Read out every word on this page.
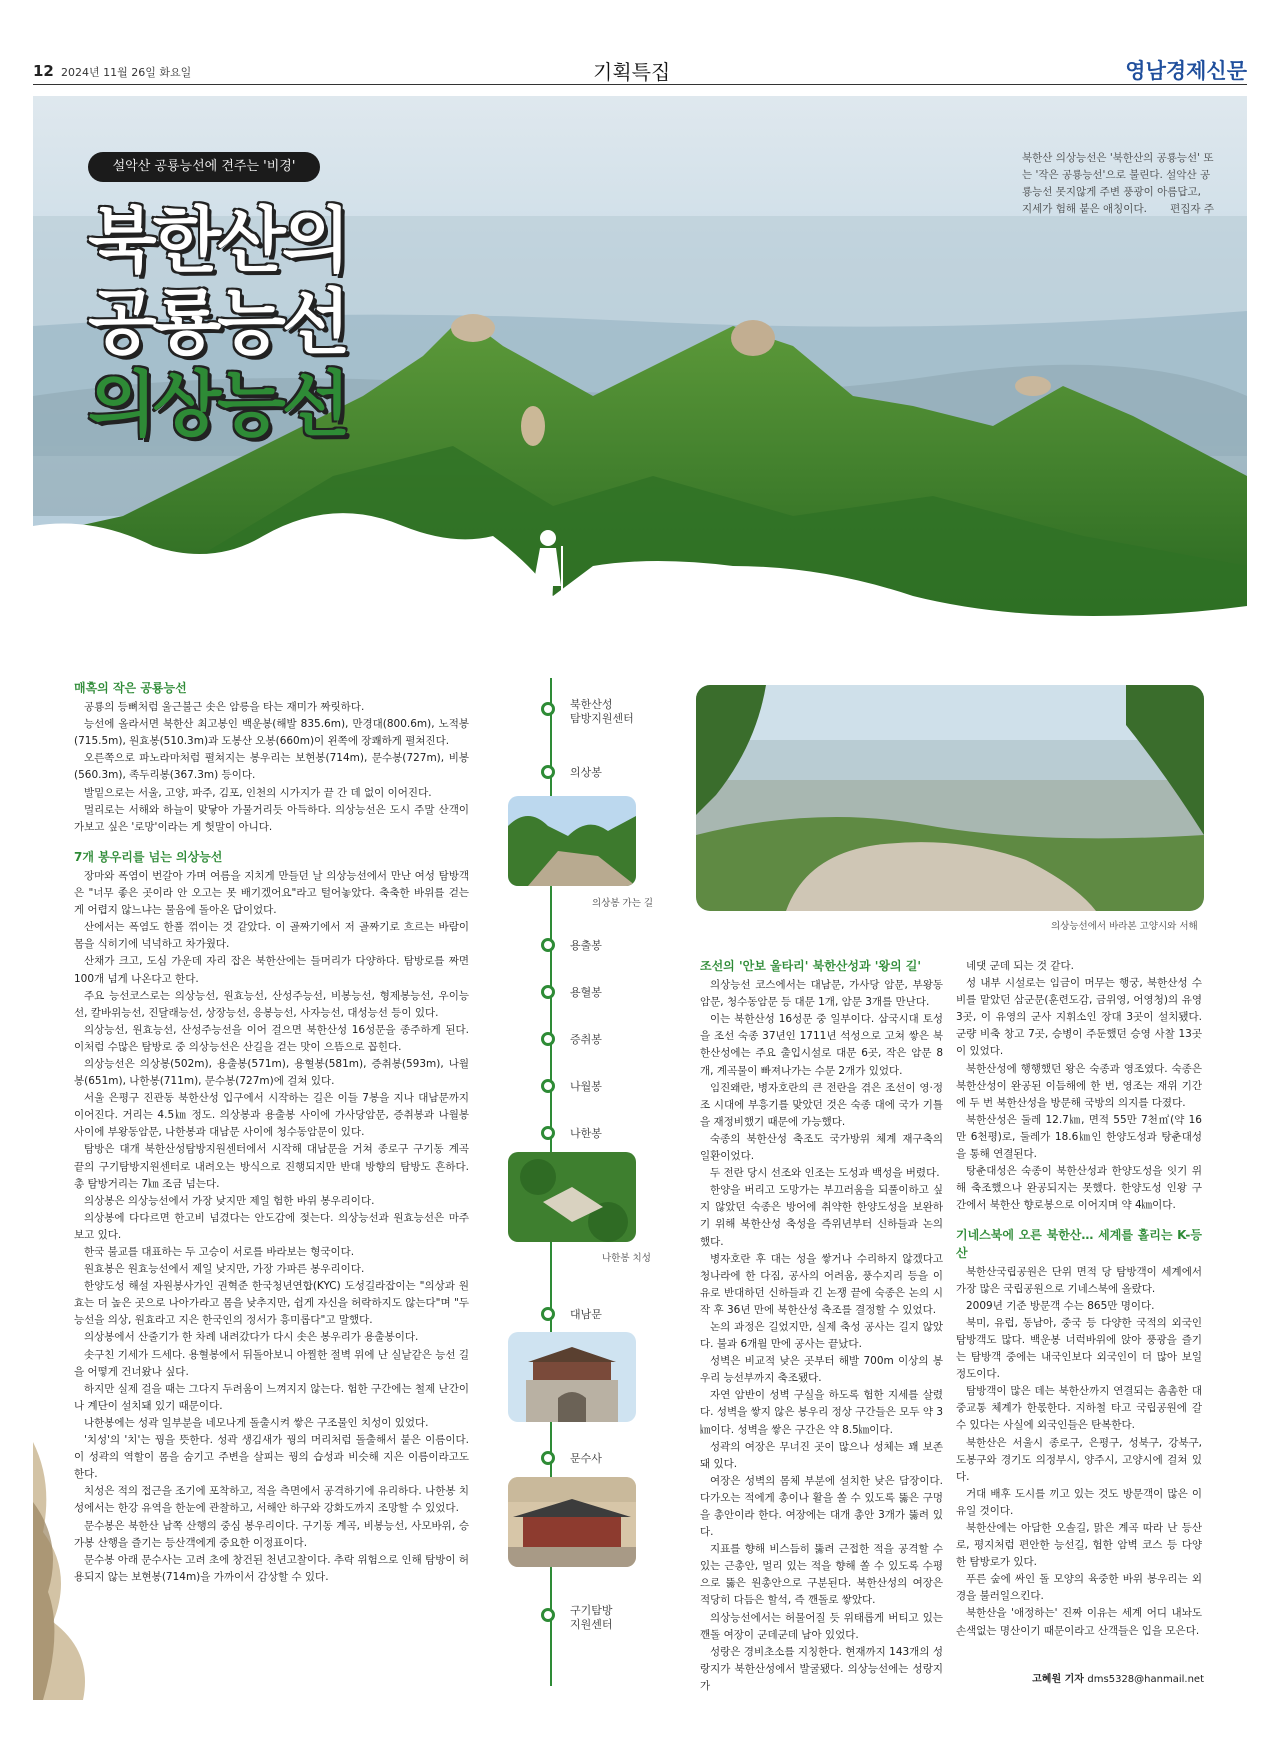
12 2024년 11월 26일 화요일	기획특집	영남경제신문
설악산 공룡능선에 견주는 '비경'
북한산의
공룡능선
의상능선
북한산 의상능선은 '북한산의 공룡능선' 또는 '작은 공룡능선'으로 불린다. 설악산 공룡능선 못지않게 주변 풍광이 아름답고, 지세가 험해 붙은 애칭이다. 편집자 주
매혹의 작은 공룡능선

공룡의 등뼈처럼 울근불근 솟은 암릉을 타는 재미가 짜릿하다.

능선에 올라서면 북한산 최고봉인 백운봉(해발 835.6m), 만경대(800.6m), 노적봉(715.5m), 원효봉(510.3m)과 도봉산 오봉(660m)이 왼쪽에 장쾌하게 펼쳐진다.

오른쪽으로 파노라마처럼 펼쳐지는 봉우리는 보현봉(714m), 문수봉(727m), 비봉(560.3m), 족두리봉(367.3m) 등이다.

발밑으로는 서울, 고양, 파주, 김포, 인천의 시가지가 끝 간 데 없이 이어진다.

멀리로는 서해와 하늘이 맞닿아 가물거리듯 아득하다. 의상능선은 도시 주말 산객이 가보고 싶은 '로망'이라는 게 헛말이 아니다.

7개 봉우리를 넘는 의상능선

장마와 폭염이 번갈아 가며 여름을 지치게 만들던 날 의상능선에서 만난 여성 탐방객은 "너무 좋은 곳이라 안 오고는 못 배기겠어요"라고 털어놓았다. 축축한 바위를 걷는 게 어렵지 않느냐는 물음에 돌아온 답이었다.

산에서는 폭염도 한풀 꺾이는 것 같았다. 이 골짜기에서 저 골짜기로 흐르는 바람이 몸을 식히기에 넉넉하고 차가웠다.

산채가 크고, 도심 가운데 자리 잡은 북한산에는 들머리가 다양하다. 탐방로를 짜면 100개 넘게 나온다고 한다.

주요 능선코스로는 의상능선, 원효능선, 산성주능선, 비봉능선, 형제봉능선, 우이능선, 칼바위능선, 진달래능선, 상장능선, 응봉능선, 사자능선, 대성능선 등이 있다.

의상능선, 원효능선, 산성주능선을 이어 걸으면 북한산성 16성문을 종주하게 된다. 이처럼 수많은 탐방로 중 의상능선은 산길을 걷는 맛이 으뜸으로 꼽힌다.

의상능선은 의상봉(502m), 용출봉(571m), 용혈봉(581m), 증취봉(593m), 나월봉(651m), 나한봉(711m), 문수봉(727m)에 걸쳐 있다.

서울 은평구 진관동 북한산성 입구에서 시작하는 길은 이들 7봉을 지나 대남문까지 이어진다. 거리는 4.5㎞ 정도. 의상봉과 용출봉 사이에 가사당암문, 증취봉과 나월봉 사이에 부왕동암문, 나한봉과 대남문 사이에 청수동암문이 있다.

탐방은 대개 북한산성탐방지원센터에서 시작해 대남문을 거쳐 종로구 구기동 계곡 끝의 구기탐방지원센터로 내려오는 방식으로 진행되지만 반대 방향의 탐방도 흔하다. 총 탐방거리는 7㎞ 조금 넘는다.

의상봉은 의상능선에서 가장 낮지만 제일 험한 바위 봉우리이다.

의상봉에 다다르면 한고비 넘겼다는 안도감에 젖는다. 의상능선과 원효능선은 마주보고 있다.

한국 불교를 대표하는 두 고승이 서로를 바라보는 형국이다.

원효봉은 원효능선에서 제일 낮지만, 가장 가파른 봉우리이다.

한양도성 해설 자원봉사가인 권혁준 한국청년연합(KYC) 도성길라잡이는 "의상과 원효는 더 높은 곳으로 나아가라고 몸을 낮추지만, 쉽게 자신을 허락하지도 않는다"며 "두 능선을 의상, 원효라고 지은 한국인의 정서가 흥미롭다"고 말했다.

의상봉에서 산줄기가 한 차례 내려갔다가 다시 솟은 봉우리가 용출봉이다.

솟구친 기세가 드세다. 용혈봉에서 뒤돌아보니 아찔한 절벽 위에 난 실낱같은 능선 길을 어떻게 건너왔나 싶다.

하지만 실제 걸을 때는 그다지 두려움이 느껴지지 않는다. 험한 구간에는 철제 난간이나 계단이 설치돼 있기 때문이다.

나한봉에는 성곽 일부분을 네모나게 돌출시켜 쌓은 구조물인 치성이 있었다.

'치성'의 '치'는 꿩을 뜻한다. 성곽 생김새가 꿩의 머리처럼 돌출해서 붙은 이름이다. 이 성곽의 역할이 몸을 숨기고 주변을 살피는 꿩의 습성과 비슷해 지은 이름이라고도 한다.

치성은 적의 접근을 조기에 포착하고, 적을 측면에서 공격하기에 유리하다. 나한봉 치성에서는 한강 유역을 한눈에 관찰하고, 서해안 하구와 강화도까지 조망할 수 있었다.

문수봉은 북한산 남쪽 산행의 중심 봉우리이다. 구기동 계곡, 비봉능선, 사모바위, 승가봉 산행을 즐기는 등산객에게 중요한 이정표이다.

문수봉 아래 문수사는 고려 초에 창건된 천년고찰이다. 추락 위험으로 인해 탐방이 허용되지 않는 보현봉(714m)을 가까이서 감상할 수 있다.

북한산성
탐방지원센터
의상봉
용출봉
용혈봉
증취봉
나월봉
나한봉
대남문
문수사
구기탐방
지원센터
의상봉 가는 길
나한봉 치성
의상능선에서 바라본 고양시와 서해
조선의 '안보 울타리' 북한산성과 '왕의 길'

의상능선 코스에서는 대남문, 가사당 암문, 부왕동암문, 청수동암문 등 대문 1개, 암문 3개를 만난다.

이는 북한산성 16성문 중 일부이다. 삼국시대 토성을 조선 숙종 37년인 1711년 석성으로 고쳐 쌓은 북한산성에는 주요 출입시설로 대문 6곳, 작은 암문 8개, 계곡물이 빠져나가는 수문 2개가 있었다.

임진왜란, 병자호란의 큰 전란을 겪은 조선이 영·정조 시대에 부흥기를 맞았던 것은 숙종 대에 국가 기틀을 재정비했기 때문에 가능했다.

숙종의 북한산성 축조도 국가방위 체계 재구축의 일환이었다.

두 전란 당시 선조와 인조는 도성과 백성을 버렸다.

한양을 버리고 도망가는 부끄러움을 되풀이하고 싶지 않았던 숙종은 방어에 취약한 한양도성을 보완하기 위해 북한산성 축성을 즉위년부터 신하들과 논의했다.

병자호란 후 대는 성을 쌓거나 수리하지 않겠다고 청나라에 한 다짐, 공사의 어려움, 풍수지리 등을 이유로 반대하던 신하들과 긴 논쟁 끝에 숙종은 논의 시작 후 36년 만에 북한산성 축조를 결정할 수 있었다.

논의 과정은 길었지만, 실제 축성 공사는 길지 않았다. 불과 6개월 만에 공사는 끝났다.

성벽은 비교적 낮은 곳부터 해발 700m 이상의 봉우리 능선부까지 축조됐다.

자연 암반이 성벽 구실을 하도록 험한 지세를 살렸다. 성벽을 쌓지 않은 봉우리 정상 구간들은 모두 약 3㎞이다. 성벽을 쌓은 구간은 약 8.5㎞이다.

성곽의 여장은 무너진 곳이 많으나 성체는 꽤 보존돼 있다.

여장은 성벽의 몸체 부분에 설치한 낮은 담장이다. 다가오는 적에게 총이나 활을 쏠 수 있도록 뚫은 구멍을 총안이라 한다. 여장에는 대개 총안 3개가 뚫려 있다.

지표를 향해 비스듬히 뚫려 근접한 적을 공격할 수 있는 근총안, 멀리 있는 적을 향해 쏠 수 있도록 수평으로 뚫은 원총안으로 구분된다. 북한산성의 여장은 적당히 다듬은 할석, 즉 깬돌로 쌓았다.

의상능선에서는 허물어질 듯 위태롭게 버티고 있는 깬돌 여장이 군데군데 남아 있었다.

성랑은 경비초소를 지칭한다. 현재까지 143개의 성랑지가 북한산성에서 발굴됐다. 의상능선에는 성랑지가

네댓 군데 되는 것 같다.

성 내부 시설로는 임금이 머무는 행궁, 북한산성 수비를 맡았던 삼군문(훈련도감, 금위영, 어영청)의 유영 3곳, 이 유영의 군사 지휘소인 장대 3곳이 설치됐다. 군량 비축 창고 7곳, 승병이 주둔했던 승영 사찰 13곳이 있었다.

북한산성에 행행했던 왕은 숙종과 영조였다. 숙종은 북한산성이 완공된 이듬해에 한 번, 영조는 재위 기간에 두 번 북한산성을 방문해 국방의 의지를 다졌다.

북한산성은 둘레 12.7㎞, 면적 55만 7천㎡(약 16만 6천평)로, 둘레가 18.6㎞인 한양도성과 탕춘대성을 통해 연결된다.

탕춘대성은 숙종이 북한산성과 한양도성을 잇기 위해 축조했으나 완공되지는 못했다. 한양도성 인왕 구간에서 북한산 향로봉으로 이어지며 약 4㎞이다.

기네스북에 오른 북한산… 세계를 홀리는 K-등산

북한산국립공원은 단위 면적 당 탐방객이 세계에서 가장 많은 국립공원으로 기네스북에 올랐다.

2009년 기준 방문객 수는 865만 명이다.

북미, 유럽, 동남아, 중국 등 다양한 국적의 외국인 탐방객도 많다. 백운봉 너럭바위에 앉아 풍광을 즐기는 탐방객 중에는 내국인보다 외국인이 더 많아 보일 정도이다.

탐방객이 많은 데는 북한산까지 연결되는 촘촘한 대중교통 체계가 한몫한다. 지하철 타고 국립공원에 갈 수 있다는 사실에 외국인들은 탄복한다.

북한산은 서울시 종로구, 은평구, 성북구, 강북구, 도봉구와 경기도 의정부시, 양주시, 고양시에 걸쳐 있다.

거대 배후 도시를 끼고 있는 것도 방문객이 많은 이유일 것이다.

북한산에는 아담한 오솔길, 맑은 계곡 따라 난 등산로, 평지처럼 편안한 능선길, 험한 암벽 코스 등 다양한 탐방로가 있다.

푸른 숲에 싸인 돌 모양의 육중한 바위 봉우리는 외경을 불러일으킨다.

북한산을 '애정하는' 진짜 이유는 세계 어디 내놔도 손색없는 명산이기 때문이라고 산객들은 입을 모은다.

고혜원 기자 dms5328@hanmail.net
